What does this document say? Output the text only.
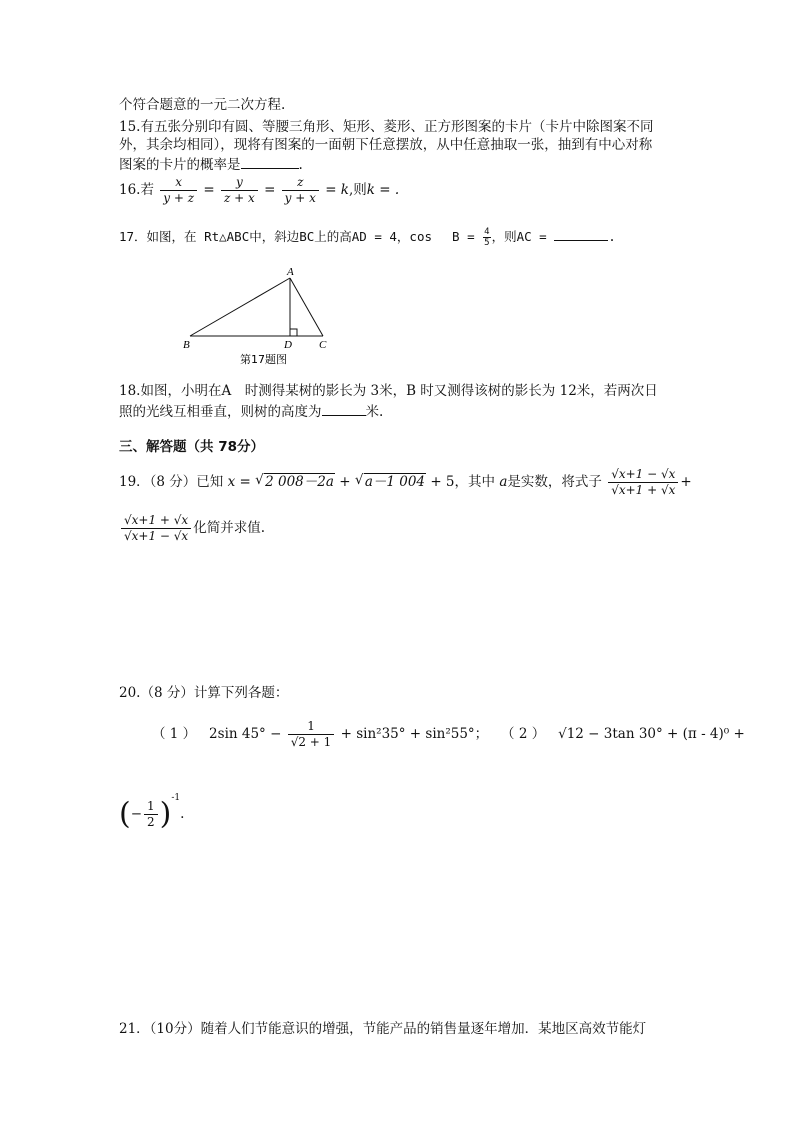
个符合题意的一元二次方程.
15.有五张分别印有圆、等腰三角形、矩形、菱形、正方形图案的卡片（卡片中除图案不同
外，其余均相同），现将有图案的一面朝下任意摆放，从中任意抽取一张，抽到有中心对称
图案的卡片的概率是	.
16.若 $\frac{x}{y + z} = \frac{y}{z + x} = \frac{z}{y + x} = k$,则k = .
17．如图，在 Rt△ABC中，斜边BC上的高AD = 4，cos　 $B = \frac{4}{5}$ ，则AC =	.
A
B	C
D
第17题图
18.如图，小明在A　时测得某树的影长为 3米，B 时又测得该树的影长为 12米，若两次日
照的光线互相垂直，则树的高度为	米.
三、解答题（共 78分）
19．（8 分）已知 x = √ 2 008－2a + √ a－1 004 + 5，其中 a是实数，将式子 $\frac{√x+1 - √x}{√x+1 + √x}$ +
$\frac{√x+1 + √x}{√x+1 - √x}$ 化简并求值.
20.（8 分）计算下列各题：
（ 1 ） 2sin $45^\circ - \frac{1}{√2 + 1} + \sin^235^\circ + \sin^255^\circ$； （ 2 ） √12 − 3tan 30° + (π - 4)⁰ +
(− $\frac{1}{2} )^{-1}$.
21．（10分）随着人们节能意识的增强，节能产品的销售量逐年增加．某地区高效节能灯
